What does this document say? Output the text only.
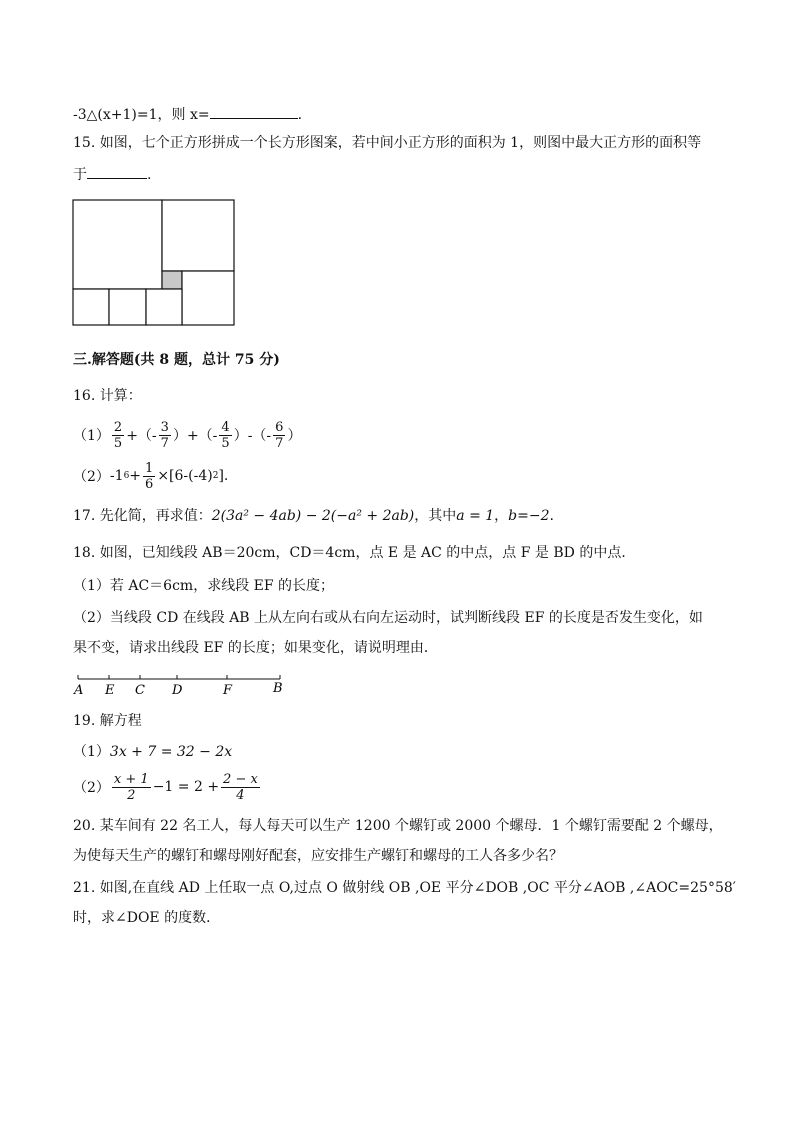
-3△(x+1)=1，则 x=	.
15. 如图，七个正方形拼成一个长方形图案，若中间小正方形的面积为 1，则图中最大正方形的面积等
于	.
三.解答题(共 8 题，总计 75 分)
16. 计算：
$(1) \frac{2}{5}$ +（- $\frac{3}{7}$ ）+（- $\frac{4}{5}$ ）-（- $\frac{6}{7}$ ）
（2） -1 $6 + \frac{1}{6} \times[6-(-4)$ 2 ].
17. 先化简，再求值：2(3a² − 4ab) − 2(−a² + 2ab)，其中a = 1，b=−2.
18. 如图，已知线段 AB＝20cm，CD＝4cm，点 E 是 AC 的中点，点 F 是 BD 的中点．
（1）若 AC＝6cm，求线段 EF 的长度；
（2）当线段 CD 在线段 AB 上从左向右或从右向左运动时，试判断线段 EF 的长度是否发生变化，如
果不变，请求出线段 EF 的长度；如果变化，请说明理由．
A E C D	F	B
19. 解方程
（1）3x + 7 = 32 − 2x
$(2) \frac{x + 1}{2} -1 = 2 + \frac{2 - x}{4}$
20. 某车间有 22 名工人，每人每天可以生产 1200 个螺钉或 2000 个螺母．1 个螺钉需要配 2 个螺母，
为使每天生产的螺钉和螺母刚好配套，应安排生产螺钉和螺母的工人各多少名？
21. 如图,在直线 AD 上任取一点 O,过点 O 做射线 OB ,OE 平分∠DOB ,OC 平分∠AOB ,∠AOC=25°58′
时，求∠DOE 的度数．
